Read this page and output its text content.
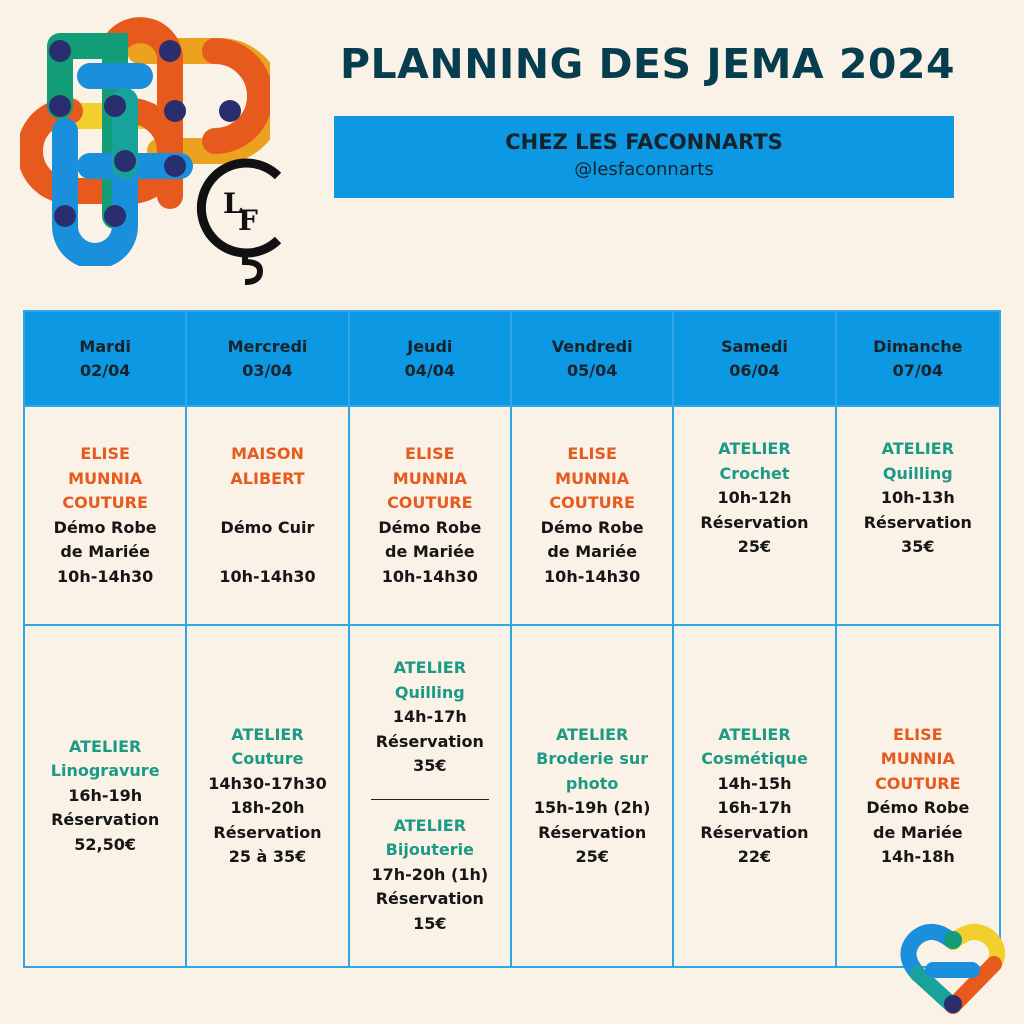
L
F
PLANNING DES JEMA 2024
CHEZ LES FACONNARTS
@lesfaconnarts
Mardi
02/04
Mercredi
03/04
Jeudi
04/04
Vendredi
05/04
Samedi
06/04
Dimanche
07/04
ELISE
MUNNIA
COUTURE
Démo Robe
de Mariée
10h-14h30
MAISON
ALIBERT
Démo Cuir
10h-14h30
ELISE
MUNNIA
COUTURE
Démo Robe
de Mariée
10h-14h30
ELISE
MUNNIA
COUTURE
Démo Robe
de Mariée
10h-14h30
ATELIER
Crochet
10h-12h
Réservation
25€
ATELIER
Quilling
10h-13h
Réservation
35€
ATELIER
Linogravure
16h-19h
Réservation
52,50€
ATELIER
Couture
14h30-17h30
18h-20h
Réservation
25 à 35€
ATELIER
Quilling
14h-17h
Réservation
35€
ATELIER
Bijouterie
17h-20h (1h)
Réservation
15€
ATELIER
Broderie sur
photo
15h-19h (2h)
Réservation
25€
ATELIER
Cosmétique
14h-15h
16h-17h
Réservation
22€
ELISE
MUNNIA
COUTURE
Démo Robe
de Mariée
14h-18h
